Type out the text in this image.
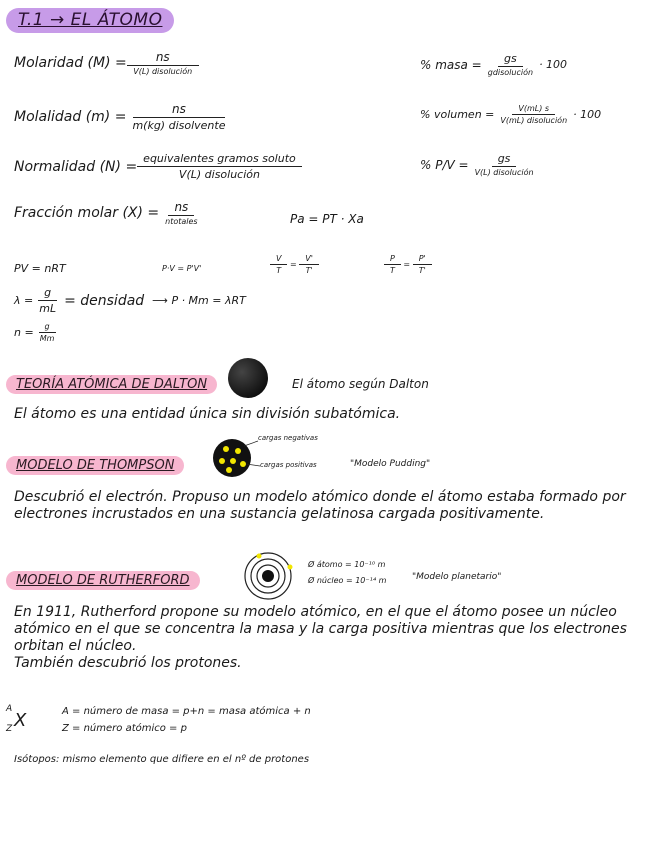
T.1 → EL ÁTOMO
Molaridad $(M) = \frac{ns}{\text{V(L) disolución}}$
Molalidad $(m) = \frac{ns}{\text{m(kg) disolvente}}$
Normalidad $(N) = \frac{\text{equivalentes gramos soluto}}{\text{V(L) disolución}}$
Fracción molar $(X) = \frac{ns}{\text{ntotales}}$	Pa = PT · Xa
% masa = $\frac{gs}{\text{gdisolución}} \cdot 100$
% volumen = $\frac{V(mL) s}{\text{V(mL) disolución}} \cdot 100$
% $P/V = \frac{gs}{\text{V(L) disolución}}$
PV = nRT	P·V = P'V'	$\frac{V}{T} = \frac{V'}{T'}$	$\frac{P}{T} = \frac{P'}{T'}$
$\lambda = \frac{g}{mL}$ = densidad ⟶ P · Mm = λRT
$n = \frac{g}{Mm}$
TEORÍA ATÓMICA DE DALTON	El átomo según Dalton
El átomo es una entidad única sin división subatómica.
MODELO DE THOMPSON
cargas negativas
cargas positivas	"Modelo Pudding"
Descubrió el electrón. Propuso un modelo atómico donde el átomo estaba formado por electrones incrustados en una sustancia gelatinosa cargada positivamente.
MODELO DE RUTHERFORD
Ø átomo = 10⁻¹⁰ m
Ø núcleo = 10⁻¹⁴ m	"Modelo planetario"
En 1911, Rutherford propone su modelo atómico, en el que el átomo posee un núcleo atómico en el que se concentra la masa y la carga positiva mientras que los electrones orbitan el núcleo.
También descubrió los protones.
A
Z X	A = número de masa = p+n = masa atómica + n
Z = número atómico = p
Isótopos: mismo elemento que difiere en el nº de protones
